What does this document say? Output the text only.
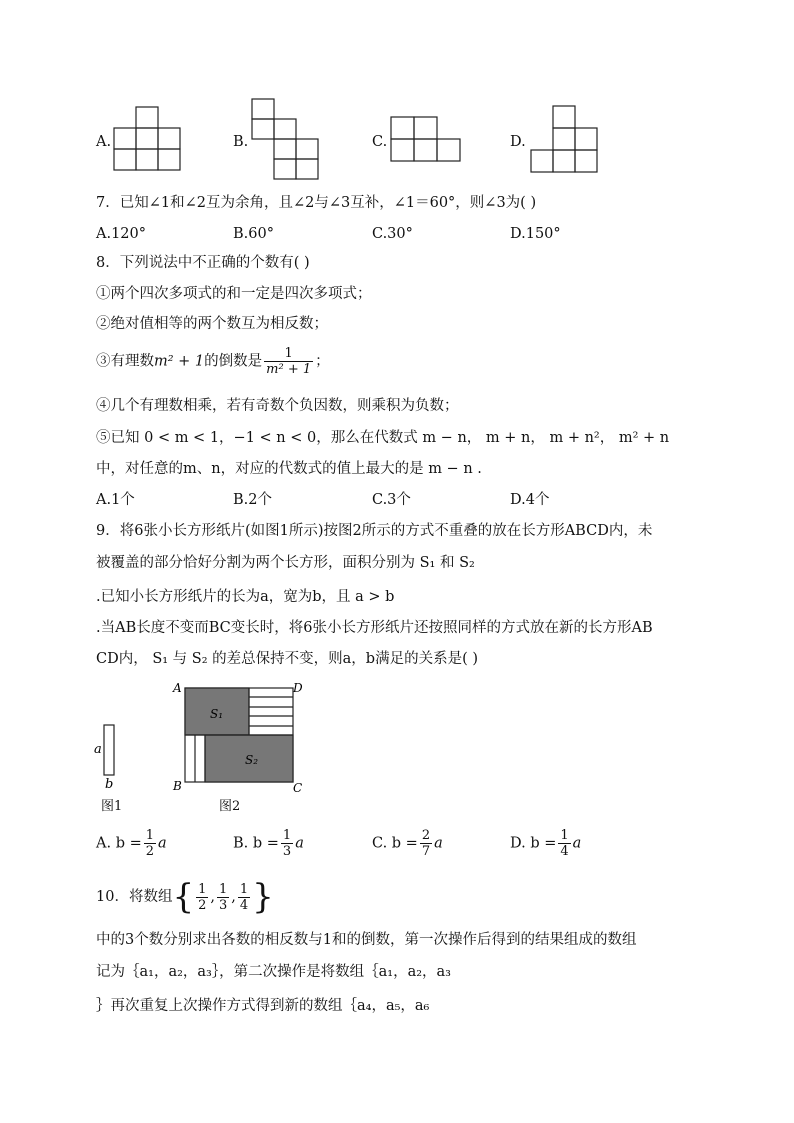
A.	B.	C.	D.
7．已知∠1和∠2互为余角，且∠2与∠3互补，∠1＝60°，则∠3为( )
A.120°	B.60°	C.30°	D.150°
8．下列说法中不正确的个数有( )
①两个四次多项式的和一定是四次多项式；
②绝对值相等的两个数互为相反数；
③有理数m² + 1的倒数是 $\frac{1}{\text{m² + 1}}$ ；
④几个有理数相乘，若有奇数个负因数，则乘积为负数；
⑤已知 0 < m < 1，−1 < n < 0，那么在代数式 m − n， m + n， m + n²， m² + n
中，对任意的m、n，对应的代数式的值上最大的是 m − n .
A.1个	B.2个	C.3个	D.4个
9．将6张小长方形纸片(如图1所示)按图2所示的方式不重叠的放在长方形ABCD内，未
被覆盖的部分恰好分割为两个长方形，面积分别为 S₁ 和 S₂
.已知小长方形纸片的长为a，宽为b，且 a > b
.当AB长度不变而BC变长时，将6张小长方形纸片还按照同样的方式放在新的长方形AB
CD内， S₁ 与 S₂ 的差总保持不变，则a，b满足的关系是( )
a
b
图1
A	D
B	C
S₁
S₂
图2
A. $b = \frac{1}{2}$ a	B. $b = \frac{1}{3}$ a	C. $b = \frac{2}{7}$ a	D. $b = \frac{1}{4}$ a
10．将数组{ $\frac{1}{2}$ , $\frac{1}{3}$ , $\frac{1}{4}$ }
中的3个数分别求出各数的相反数与1和的倒数，第一次操作后得到的结果组成的数组
记为｛a₁，a₂，a₃｝，第二次操作是将数组｛a₁，a₂，a₃
｝再次重复上次操作方式得到新的数组｛a₄，a₅，a₆
